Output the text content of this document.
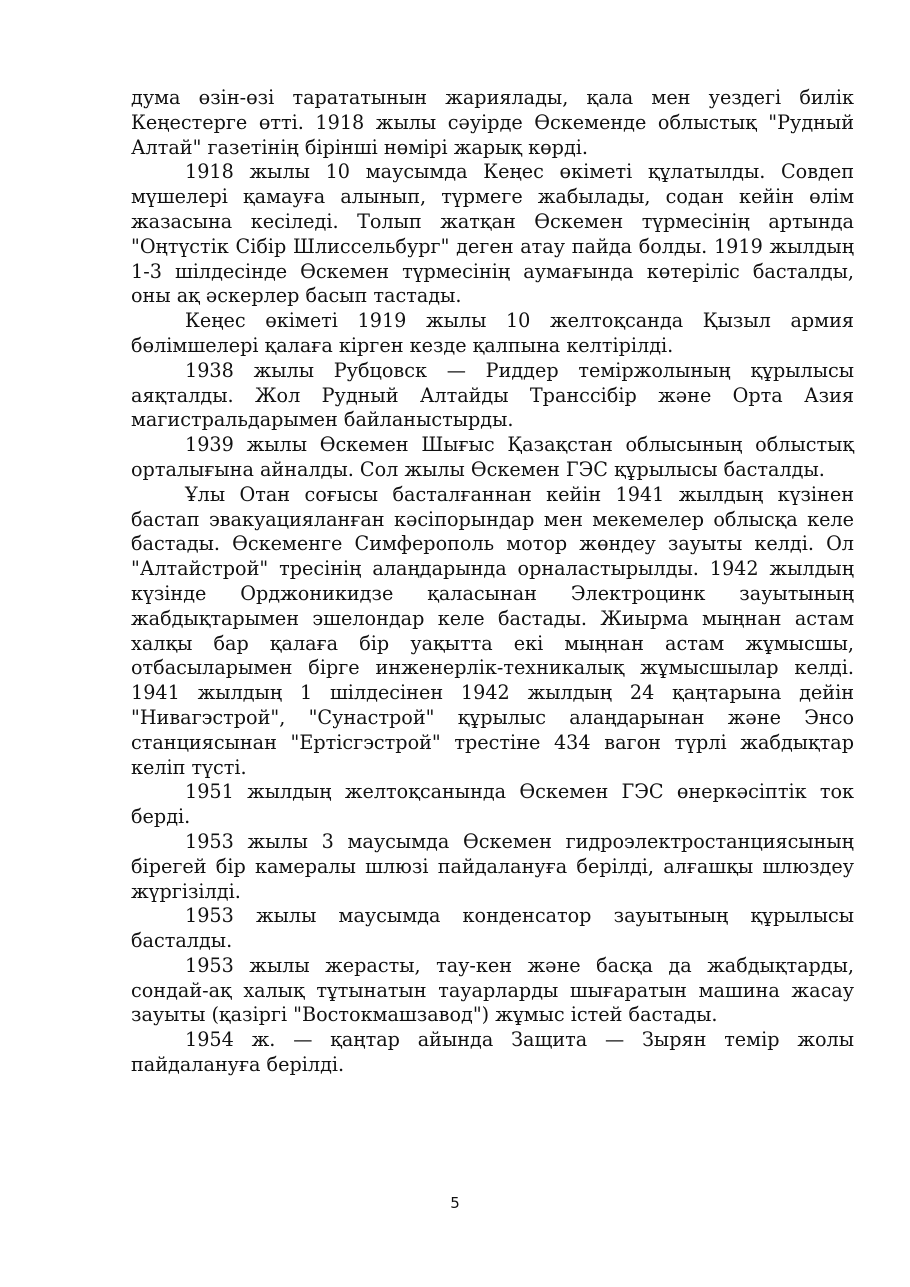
дума өзін-өзі тарататынын жариялады, қала мен уездегі билік Кеңестерге өтті. 1918 жылы сәуірде Өскеменде облыстық "Рудный Алтай" газетінің бірінші нөмірі жарық көрді.

1918 жылы 10 маусымда Кеңес өкіметі құлатылды. Совдеп мүшелері қамауға алынып, түрмеге жабылады, содан кейін өлім жазасына кесіледі. Толып жатқан Өскемен түрмесінің артында "Оңтүстік Сібір Шлиссельбург" деген атау пайда болды. 1919 жылдың 1-3 шілдесінде Өскемен түрмесінің аумағында көтеріліс басталды, оны ақ әскерлер басып тастады.

Кеңес өкіметі 1919 жылы 10 желтоқсанда Қызыл армия бөлімшелері қалаға кірген кезде қалпына келтірілді.

1938 жылы Рубцовск — Риддер теміржолының құрылысы аяқталды. Жол Рудный Алтайды Транссібір және Орта Азия магистральдарымен байланыстырды.

1939 жылы Өскемен Шығыс Қазақстан облысының облыстық орталығына айналды. Сол жылы Өскемен ГЭС құрылысы басталды.

Ұлы Отан соғысы басталғаннан кейін 1941 жылдың күзінен бастап эвакуацияланған кәсіпорындар мен мекемелер облысқа келе бастады. Өскеменге Симферополь мотор жөндеу зауыты келді. Ол "Алтайстрой" тресінің алаңдарында орналастырылды. 1942 жылдың күзінде Орджоникидзе қаласынан Электроцинк зауытының жабдықтарымен эшелондар келе бастады. Жиырма мыңнан астам халқы бар қалаға бір уақытта екі мыңнан астам жұмысшы, отбасыларымен бірге инженерлік-техникалық жұмысшылар келді. 1941 жылдың 1 шілдесінен 1942 жылдың 24 қаңтарына дейін "Нивагэстрой", "Сунастрой" құрылыс алаңдарынан және Энсо станциясынан "Ертісгэстрой" трестіне 434 вагон түрлі жабдықтар келіп түсті.

1951 жылдың желтоқсанында Өскемен ГЭС өнеркәсіптік ток берді.

1953 жылы 3 маусымда Өскемен гидроэлектростанциясының бірегей бір камералы шлюзі пайдалануға берілді, алғашқы шлюздеу жүргізілді.

1953 жылы маусымда конденсатор зауытының құрылысы басталды.

1953 жылы жерасты, тау-кен және басқа да жабдықтарды, сондай-ақ халық тұтынатын тауарларды шығаратын машина жасау зауыты (қазіргі "Востокмашзавод") жұмыс істей бастады.

1954 ж. — қаңтар айында Защита — Зырян темір жолы пайдалануға берілді.

5
